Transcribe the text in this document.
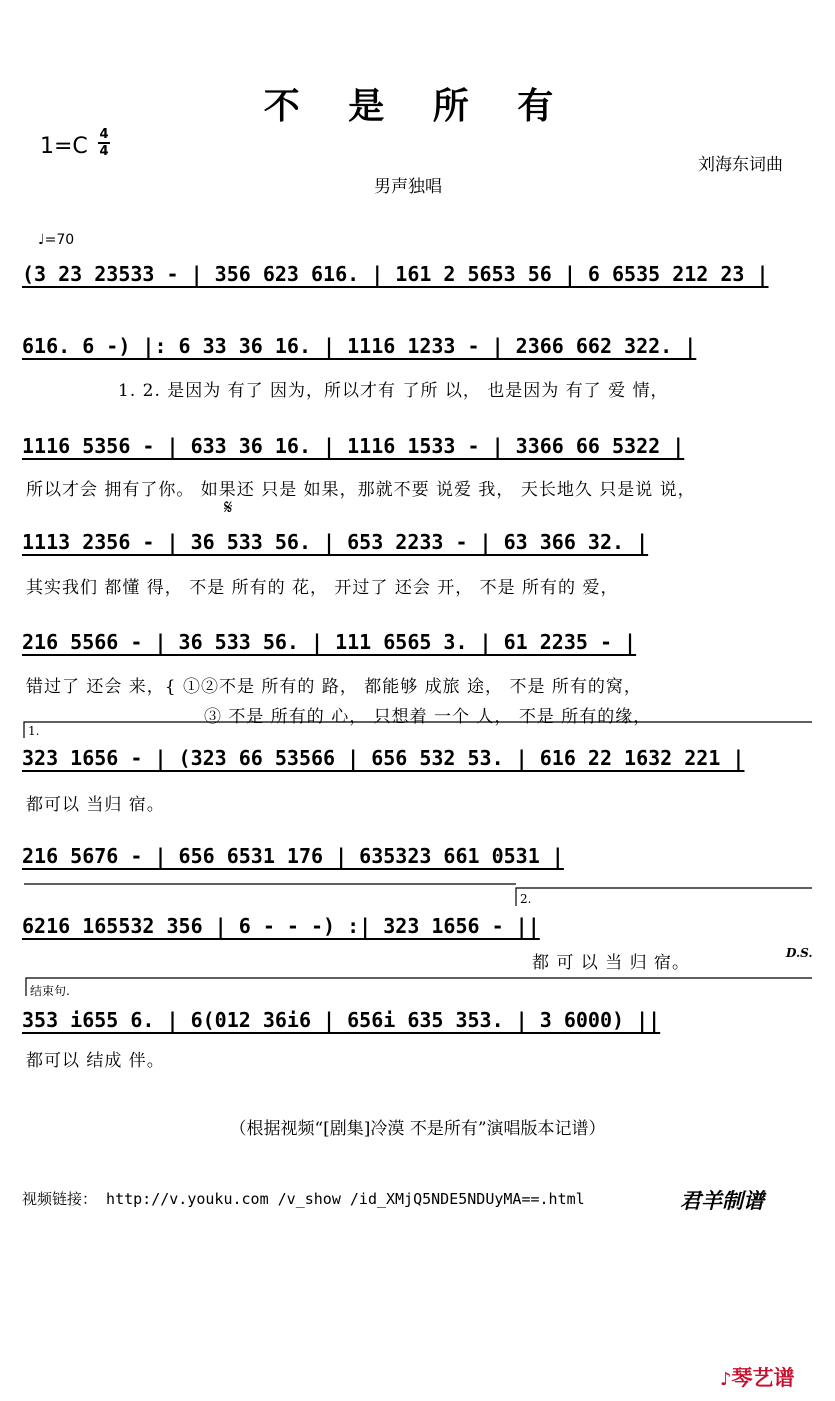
不 是 所 有
1=C 4
4
刘海东词曲
男声独唱
♩=70
(3 23 23533 - | 356 623 616. | 161 2 5653 56 | 6 6535 212 23 |
616. 6 -) |: 6 33 36 16. | 1116 1233 - | 2366 662 322. |
1. 2. 是因为 有了 因为，所以才有 了所 以， 也是因为 有了 爱 情，
1116 5356 - | 633 36 16. | 1116 1533 - | 3366 66 5322 |
所以才会 拥有了你。 如果还 只是 如果，那就不要 说爱 我， 天长地久 只是说 说，
𝄋
1113 2356 - | 36 533 56. | 653 2233 - | 63 366 32. |
其实我们 都懂 得， 不是 所有的 花， 开过了 还会 开， 不是 所有的 爱，
216 5566 - | 36 533 56. | 111 6565 3. | 61 2235 - |
错过了 还会 来，{ ①②不是 所有的 路， 都能够 成旅 途， 不是 所有的窝，
③ 不是 所有的 心， 只想着 一个 人， 不是 所有的缘，
1.
323 1656 - | (323 66 53566 | 656 532 53. | 616 22 1632 221 |
都可以 当归 宿。
216 5676 - | 656 6531 176 | 635323 661 0531 |
2.
6216 165532 356 | 6 - - -) :| 323 1656 - ||
都 可 以 当 归 宿。	D.S.
结束句.
353 i655 6. | 6(012 36i6 | 656i 635 353. | 3 6000) ||
都可以 结成 伴。
（根据视频“[剧集]冷漠 不是所有”演唱版本记谱）
视频链接： http://v.youku.com /v_show /id_XMjQ5NDE5NDUyMA==.html	君羊制谱
♪琴艺谱
